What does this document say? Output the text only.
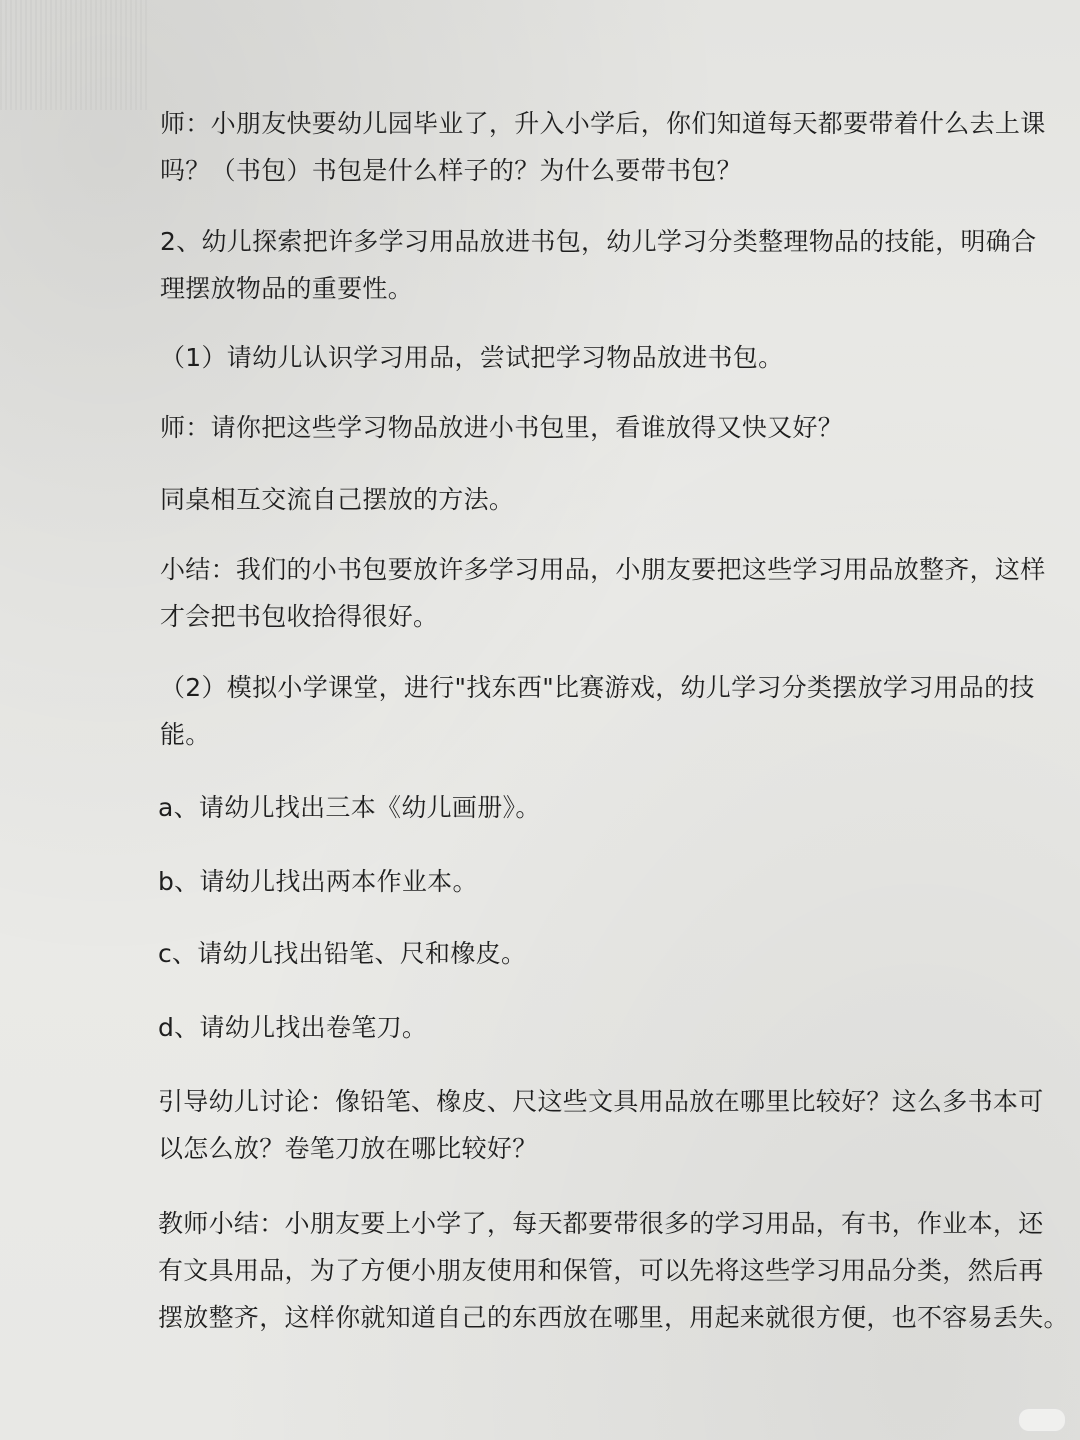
师：小朋友快要幼儿园毕业了，升入小学后，你们知道每天都要带着什么去上课
吗？（书包）书包是什么样子的？为什么要带书包？
2、幼儿探索把许多学习用品放进书包，幼儿学习分类整理物品的技能，明确合
理摆放物品的重要性。
（1）请幼儿认识学习用品，尝试把学习物品放进书包。
师：请你把这些学习物品放进小书包里，看谁放得又快又好？
同桌相互交流自己摆放的方法。
小结：我们的小书包要放许多学习用品，小朋友要把这些学习用品放整齐，这样
才会把书包收拾得很好。
（2）模拟小学课堂，进行"找东西"比赛游戏，幼儿学习分类摆放学习用品的技
能。
a、请幼儿找出三本《幼儿画册》。
b、请幼儿找出两本作业本。
c、请幼儿找出铅笔、尺和橡皮。
d、请幼儿找出卷笔刀。
引导幼儿讨论：像铅笔、橡皮、尺这些文具用品放在哪里比较好？这么多书本可
以怎么放？卷笔刀放在哪比较好？
教师小结：小朋友要上小学了，每天都要带很多的学习用品，有书，作业本，还
有文具用品，为了方便小朋友使用和保管，可以先将这些学习用品分类，然后再
摆放整齐，这样你就知道自己的东西放在哪里，用起来就很方便，也不容易丢失。
